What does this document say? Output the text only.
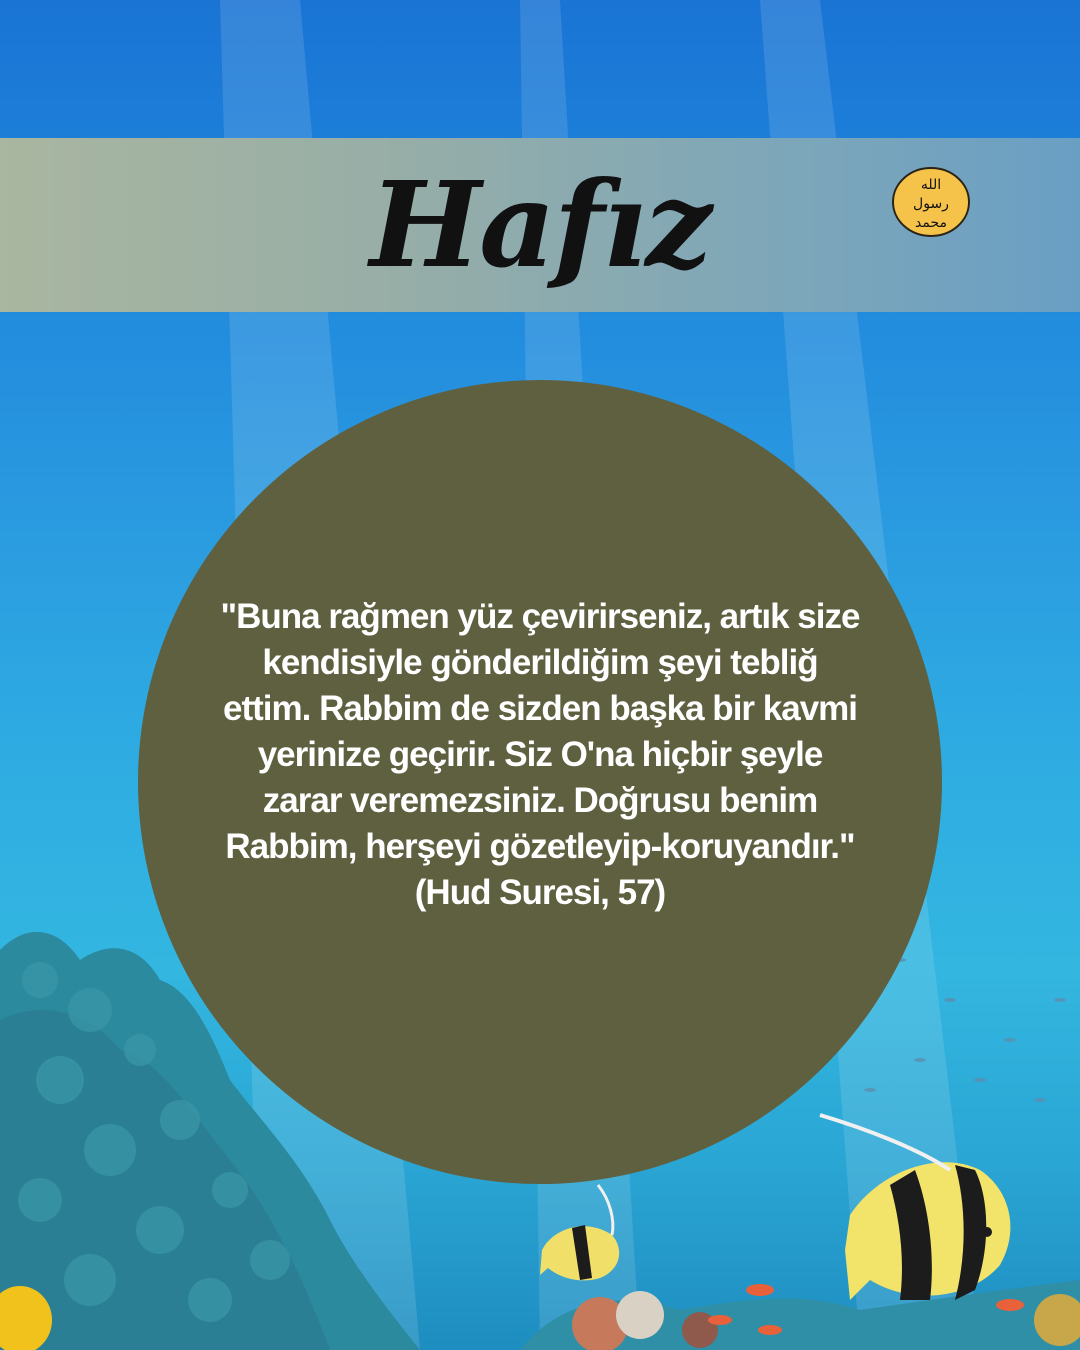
Hafız	الله
رسول
محمد

"Buna rağmen yüz çevirirseniz, artık size kendisiyle gönderildiğim şeyi tebliğ ettim. Rabbim de sizden başka bir kavmi yerinize geçirir. Siz O'na hiçbir şeyle zarar veremezsiniz. Doğrusu benim Rabbim, herşeyi gözetleyip-koruyandır." (Hud Suresi, 57)
